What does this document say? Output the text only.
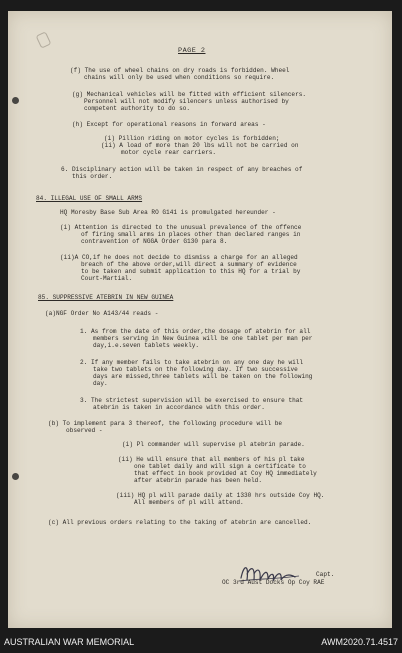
PAGE 2
(f) The use of wheel chains on dry roads is forbidden. Wheel
chains will only be used when conditions so require.
(g) Mechanical vehicles will be fitted with efficient silencers.
Personnel will not modify silencers unless authorised by
competent authority to do so.
(h) Except for operational reasons in forward areas -
(i) Pillion riding on motor cycles is forbidden;
(ii) A load of more than 20 lbs will not be carried on
motor cycle rear carriers.
6. Disciplinary action will be taken in respect of any breaches of
this order.
84. ILLEGAL USE OF SMALL ARMS
HQ Moresby Base Sub Area RO G141 is promulgated hereunder -
(i) Attention is directed to the unusual prevalence of the offence
of firing small arms in places other than declared ranges in
contravention of NGGA Order G130 para 8.
(ii)A CO,if he does not decide to dismiss a charge for an alleged
breach of the above order,will direct a summary of evidence
to be taken and submit application to this HQ for a trial by
Court-Martial.
85. SUPPRESSIVE ATEBRIN IN NEW GUINEA
(a)NGF Order No A143/44 reads -
1. As from the date of this order,the dosage of atebrin for all
members serving in New Guinea will be one tablet per man per
day,i.e.seven tablets weekly.
2. If any member fails to take atebrin on any one day he will
take two tablets on the following day. If two successive
days are missed,three tablets will be taken on the following
day.
3. The strictest supervision will be exercised to ensure that
atebrin is taken in accordance with this order.
(b) To implement para 3 thereof, the following procedure will be
observed -
(i) Pl commander will supervise pl atebrin parade.
(ii) He will ensure that all members of his pl take
one tablet daily and will sign a certificate to
that effect in book provided at Coy HQ immediately
after atebrin parade has been held.
(iii) HQ pl will parade daily at 1330 hrs outside Coy HQ.
All members of pl will attend.
(c) All previous orders relating to the taking of atebrin are cancelled.
Capt.
OC 3rd Aust Docks Op Coy RAE
AUSTRALIAN WAR MEMORIAL	AWM2020.71.4517
